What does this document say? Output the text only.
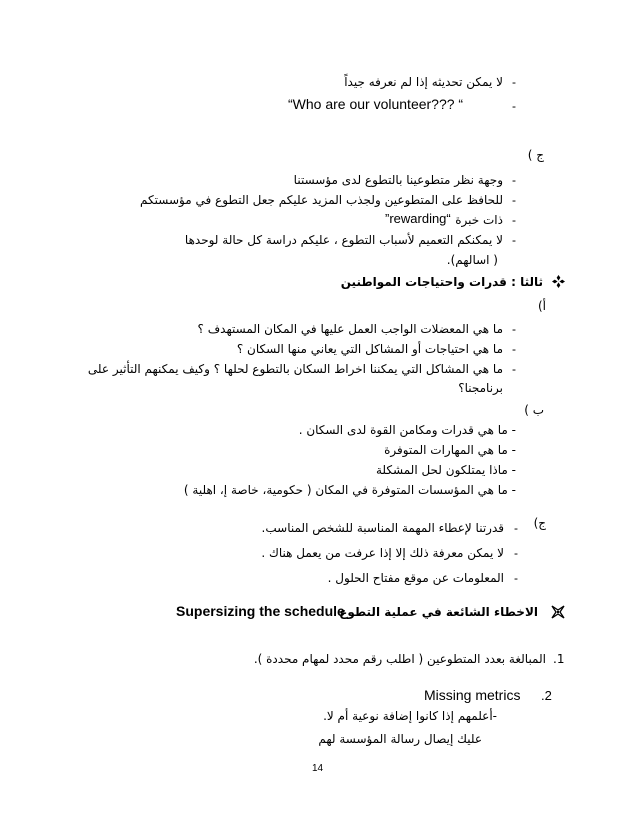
-
لا يمكن تحديثه إذا لم نعرفه جيداً
-
“Who are our volunteer??? “
ج )
-
وجهة نظر متطوعينا بالتطوع لدى مؤسستنا
-
للحافظ على المتطوعين ولجذب المزيد عليكم جعل التطوع في مؤسستكم
-
ذات خبرة
”rewarding“
-
لا يمكنكم التعميم لأسباب التطوع ، عليكم دراسة كل حالة لوحدها
( اسالهم).
ثالثا : قدرات واحتياجات المواطنين
أ)
-
ما هي المعضلات الواجب العمل عليها في المكان المستهدف ؟
-
ما هي احتياجات أو المشاكل التي يعاني منها السكان ؟
-
ما هي المشاكل التي يمكننا اخراط السكان بالتطوع لحلها ؟ وكيف يمكنهم التأثير على
برنامجنا؟
ب )
- ما هي قدرات ومكامن القوة لدى السكان .
- ما هي المهارات المتوفرة
- ماذا يمتلكون لحل المشكلة
- ما هي المؤسسات المتوفرة في المكان ( حكومية، خاصة إ، اهلية )
ج)
-
قدرتنا لإعطاء المهمة المناسبة للشخص المناسب.
-
لا يمكن معرفة ذلك إلا إذا عرفت من يعمل هناك .
-
المعلومات عن موقع مفتاح الحلول .
الاخطاء الشائعة في عملية التطوع
Supersizing the schedule
.1
المبالغة بعدد المتطوعين ( اطلب رقم محدد لمهام محددة ).
.2
Missing metrics
-أعلمهم إذا كانوا إضافة نوعية أم لا.
عليك إيصال رسالة المؤسسة لهم
14
